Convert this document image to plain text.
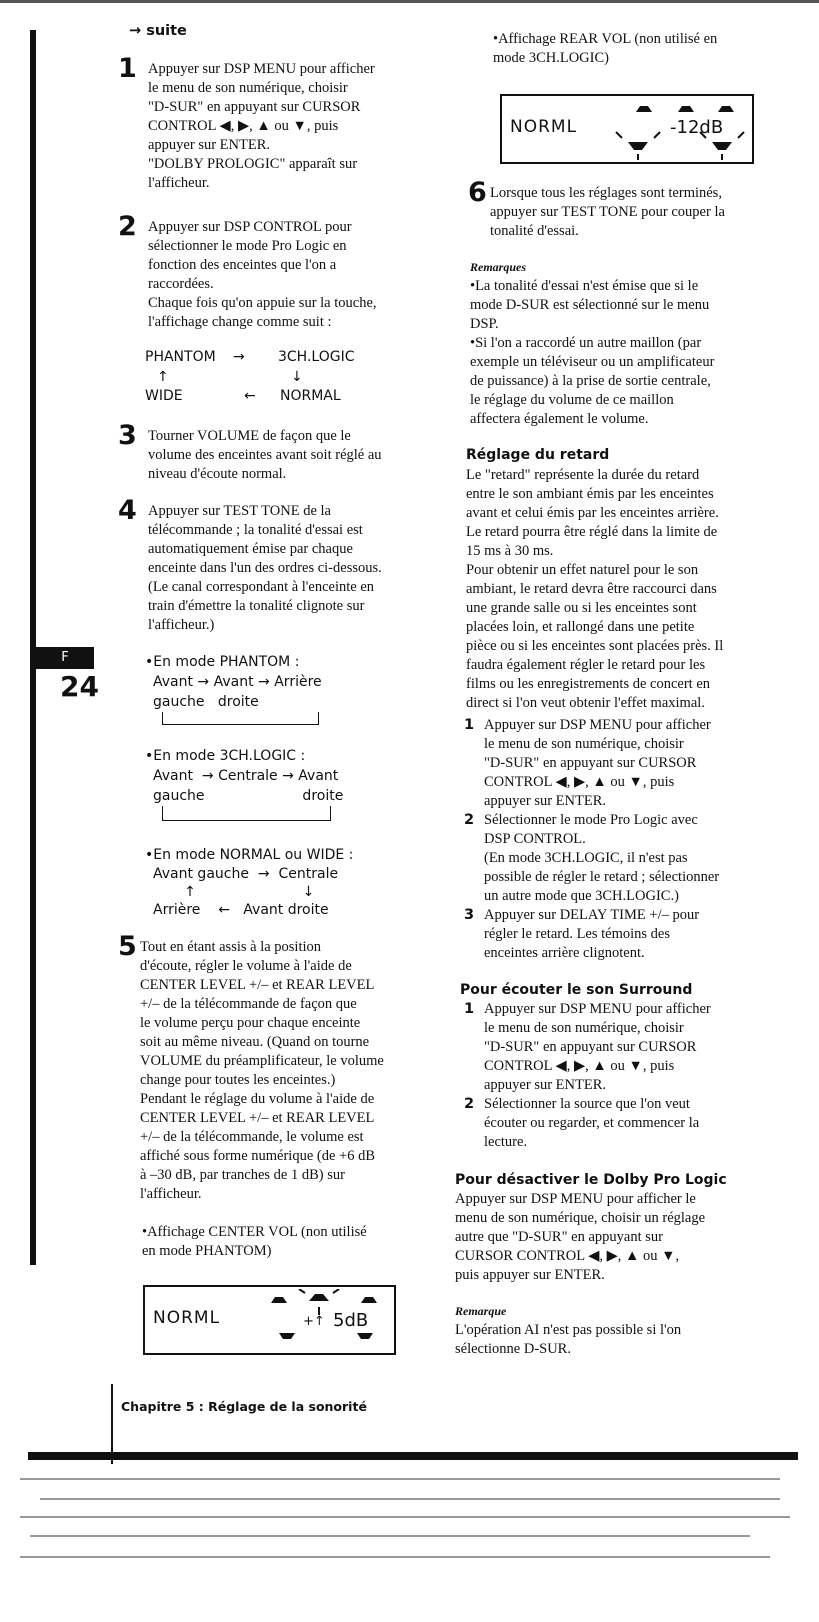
F
24
→ suite
1 Appuyer sur DSP MENU pour afficher
le menu de son numérique, choisir
"D-SUR" en appuyant sur CURSOR
CONTROL ◀, ▶, ▲ ou ▼, puis
appuyer sur ENTER.
"DOLBY PROLOGIC" apparaît sur
l'afficheur.
2 Appuyer sur DSP CONTROL pour
sélectionner le mode Pro Logic en
fonction des enceintes que l'on a
raccordées.
Chaque fois qu'on appuie sur la touche,
l'affichage change comme suit :
PHANTOM → 3CH.LOGIC
↑	↓
WIDE	← NORMAL
3 Tourner VOLUME de façon que le
volume des enceintes avant soit réglé au
niveau d'écoute normal.
4 Appuyer sur TEST TONE de la
télécommande ; la tonalité d'essai est
automatiquement émise par chaque
enceinte dans l'un des ordres ci-dessous.
(Le canal correspondant à l'enceinte en
train d'émettre la tonalité clignote sur
l'afficheur.)
•En mode PHANTOM :
Avant → Avant → Arrière
gauche   droite
•En mode 3CH.LOGIC :
Avant  → Centrale → Avant
gauche                      droite
•En mode NORMAL ou WIDE :
Avant gauche  →  Centrale
↑                        ↓
Arrière    ←   Avant droite
5 Tout en étant assis à la position
d'écoute, régler le volume à l'aide de
CENTER LEVEL +/– et REAR LEVEL
+/– de la télécommande de façon que
le volume perçu pour chaque enceinte
soit au même niveau. (Quand on tourne
VOLUME du préamplificateur, le volume
change pour toutes les enceintes.)
Pendant le réglage du volume à l'aide de
CENTER LEVEL +/– et REAR LEVEL
+/– de la télécommande, le volume est
affiché sous forme numérique (de +6 dB
à –30 dB, par tranches de 1 dB) sur
l'afficheur.
•Affichage CENTER VOL (non utilisé
en mode PHANTOM)
NORML	+↑ 5dB
•Affichage REAR VOL (non utilisé en
mode 3CH.LOGIC)
NORML	-12dB
6 Lorsque tous les réglages sont terminés,
appuyer sur TEST TONE pour couper la
tonalité d'essai.
Remarques
•La tonalité d'essai n'est émise que si le
mode D-SUR est sélectionné sur le menu
DSP.
•Si l'on a raccordé un autre maillon (par
exemple un téléviseur ou un amplificateur
de puissance) à la prise de sortie centrale,
le réglage du volume de ce maillon
affectera également le volume.
Réglage du retard
Le "retard" représente la durée du retard
entre le son ambiant émis par les enceintes
avant et celui émis par les enceintes arrière.
Le retard pourra être réglé dans la limite de
15 ms à 30 ms.
Pour obtenir un effet naturel pour le son
ambiant, le retard devra être raccourci dans
une grande salle ou si les enceintes sont
placées loin, et rallongé dans une petite
pièce ou si les enceintes sont placées près. Il
faudra également régler le retard pour les
films ou les enregistrements de concert en
direct si l'on veut obtenir l'effet maximal.
1 Appuyer sur DSP MENU pour afficher
le menu de son numérique, choisir
"D-SUR" en appuyant sur CURSOR
CONTROL ◀, ▶, ▲ ou ▼, puis
appuyer sur ENTER.
2 Sélectionner le mode Pro Logic avec
DSP CONTROL.
(En mode 3CH.LOGIC, il n'est pas
possible de régler le retard ; sélectionner
un autre mode que 3CH.LOGIC.)
3 Appuyer sur DELAY TIME +/– pour
régler le retard. Les témoins des
enceintes arrière clignotent.
Pour écouter le son Surround
1 Appuyer sur DSP MENU pour afficher
le menu de son numérique, choisir
"D-SUR" en appuyant sur CURSOR
CONTROL ◀, ▶, ▲ ou ▼, puis
appuyer sur ENTER.
2 Sélectionner la source que l'on veut
écouter ou regarder, et commencer la
lecture.
Pour désactiver le Dolby Pro Logic
Appuyer sur DSP MENU pour afficher le
menu de son numérique, choisir un réglage
autre que "D-SUR" en appuyant sur
CURSOR CONTROL ◀, ▶, ▲ ou ▼,
puis appuyer sur ENTER.
Remarque
L'opération AI n'est pas possible si l'on
sélectionne D-SUR.
Chapitre 5 : Réglage de la sonorité
